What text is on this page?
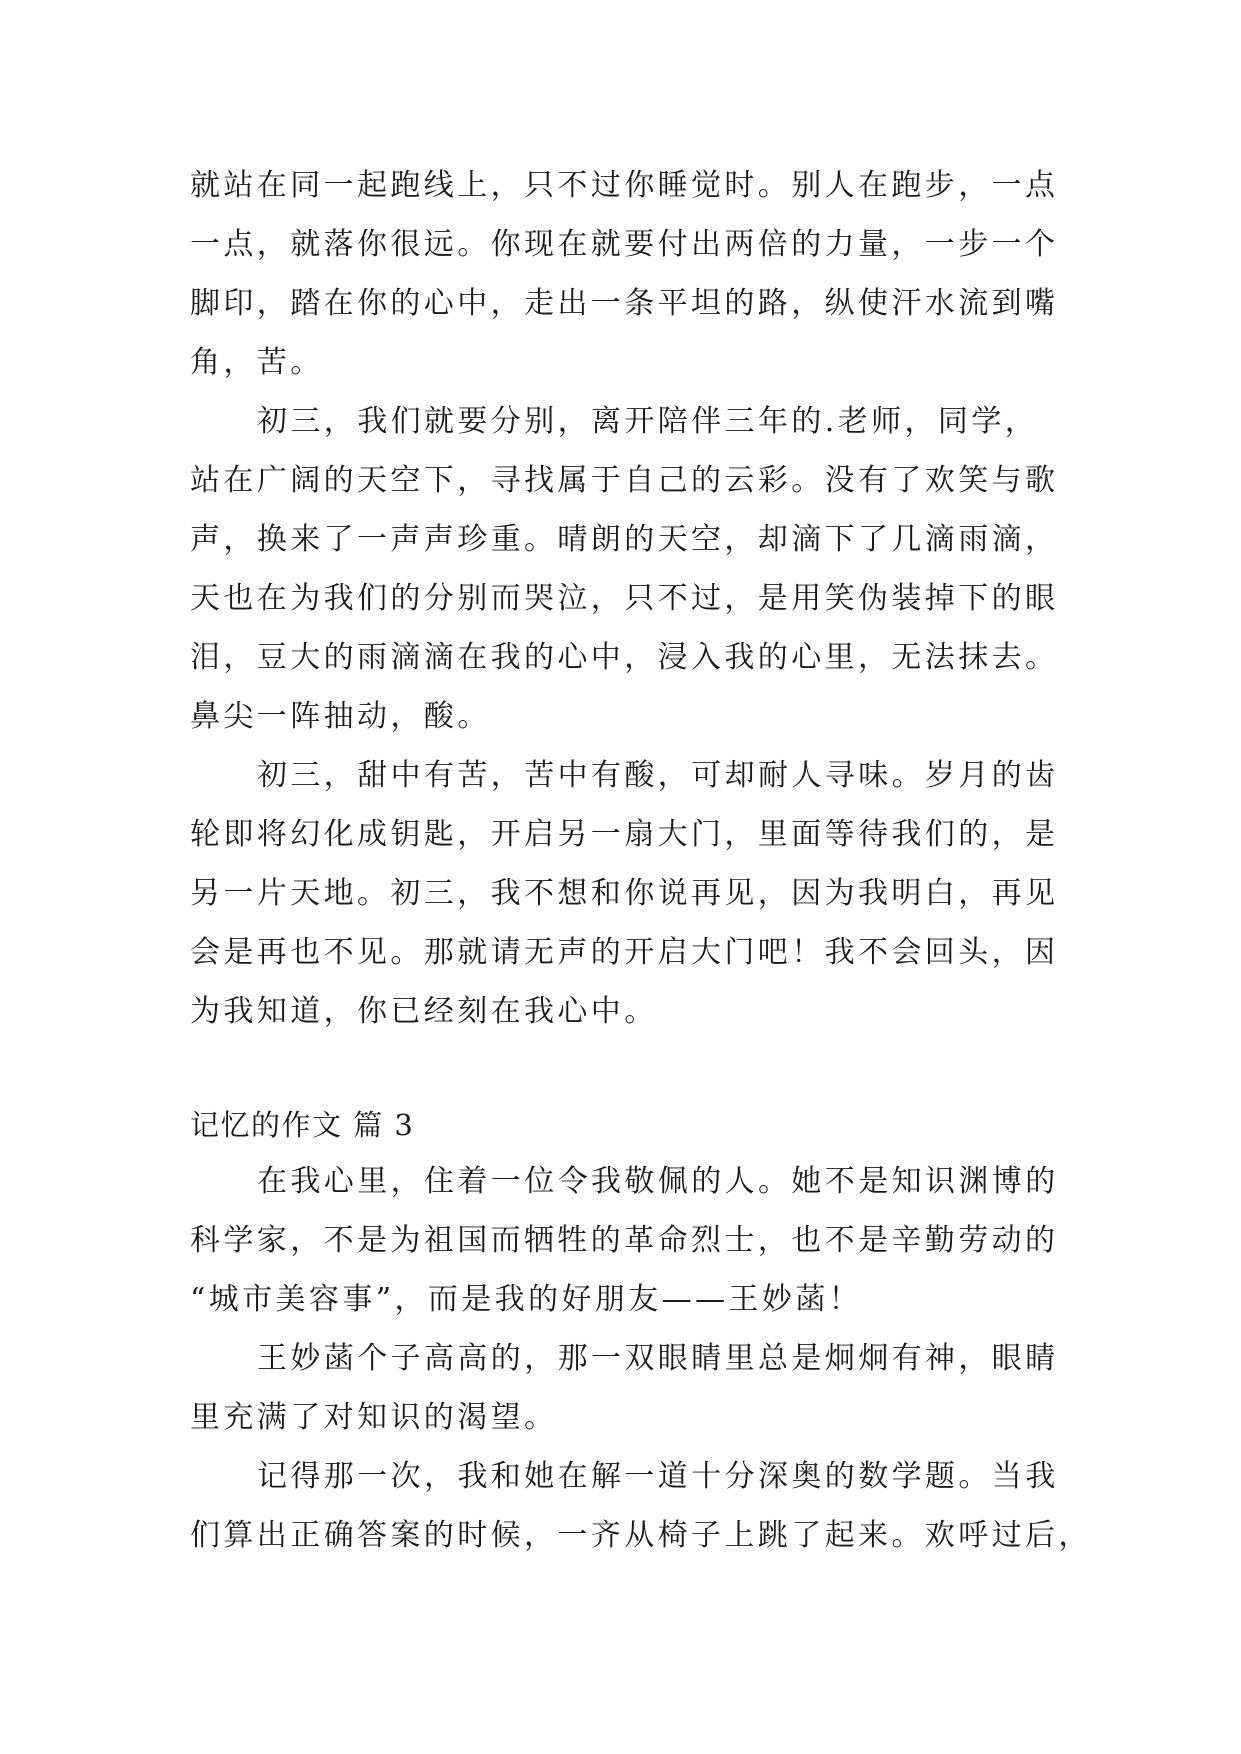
就站在同一起跑线上，只不过你睡觉时。别人在跑步，一点
一点，就落你很远。你现在就要付出两倍的力量，一步一个
脚印，踏在你的心中，走出一条平坦的路，纵使汗水流到嘴
角，苦。
初三，我们就要分别，离开陪伴三年的.老师，同学，
站在广阔的天空下，寻找属于自己的云彩。没有了欢笑与歌
声，换来了一声声珍重。晴朗的天空，却滴下了几滴雨滴，
天也在为我们的分别而哭泣，只不过，是用笑伪装掉下的眼
泪，豆大的雨滴滴在我的心中，浸入我的心里，无法抹去。
鼻尖一阵抽动，酸。
初三，甜中有苦，苦中有酸，可却耐人寻味。岁月的齿
轮即将幻化成钥匙，开启另一扇大门，里面等待我们的，是
另一片天地。初三，我不想和你说再见，因为我明白，再见
会是再也不见。那就请无声的开启大门吧！我不会回头，因
为我知道，你已经刻在我心中。
记忆的作文 篇 3
在我心里，住着一位令我敬佩的人。她不是知识渊博的
科学家，不是为祖国而牺牲的革命烈士，也不是辛勤劳动的
“城市美容事”，而是我的好朋友——王妙菡！
王妙菡个子高高的，那一双眼睛里总是炯炯有神，眼睛
里充满了对知识的渴望。
记得那一次，我和她在解一道十分深奥的数学题。当我
们算出正确答案的时候，一齐从椅子上跳了起来。欢呼过后，
